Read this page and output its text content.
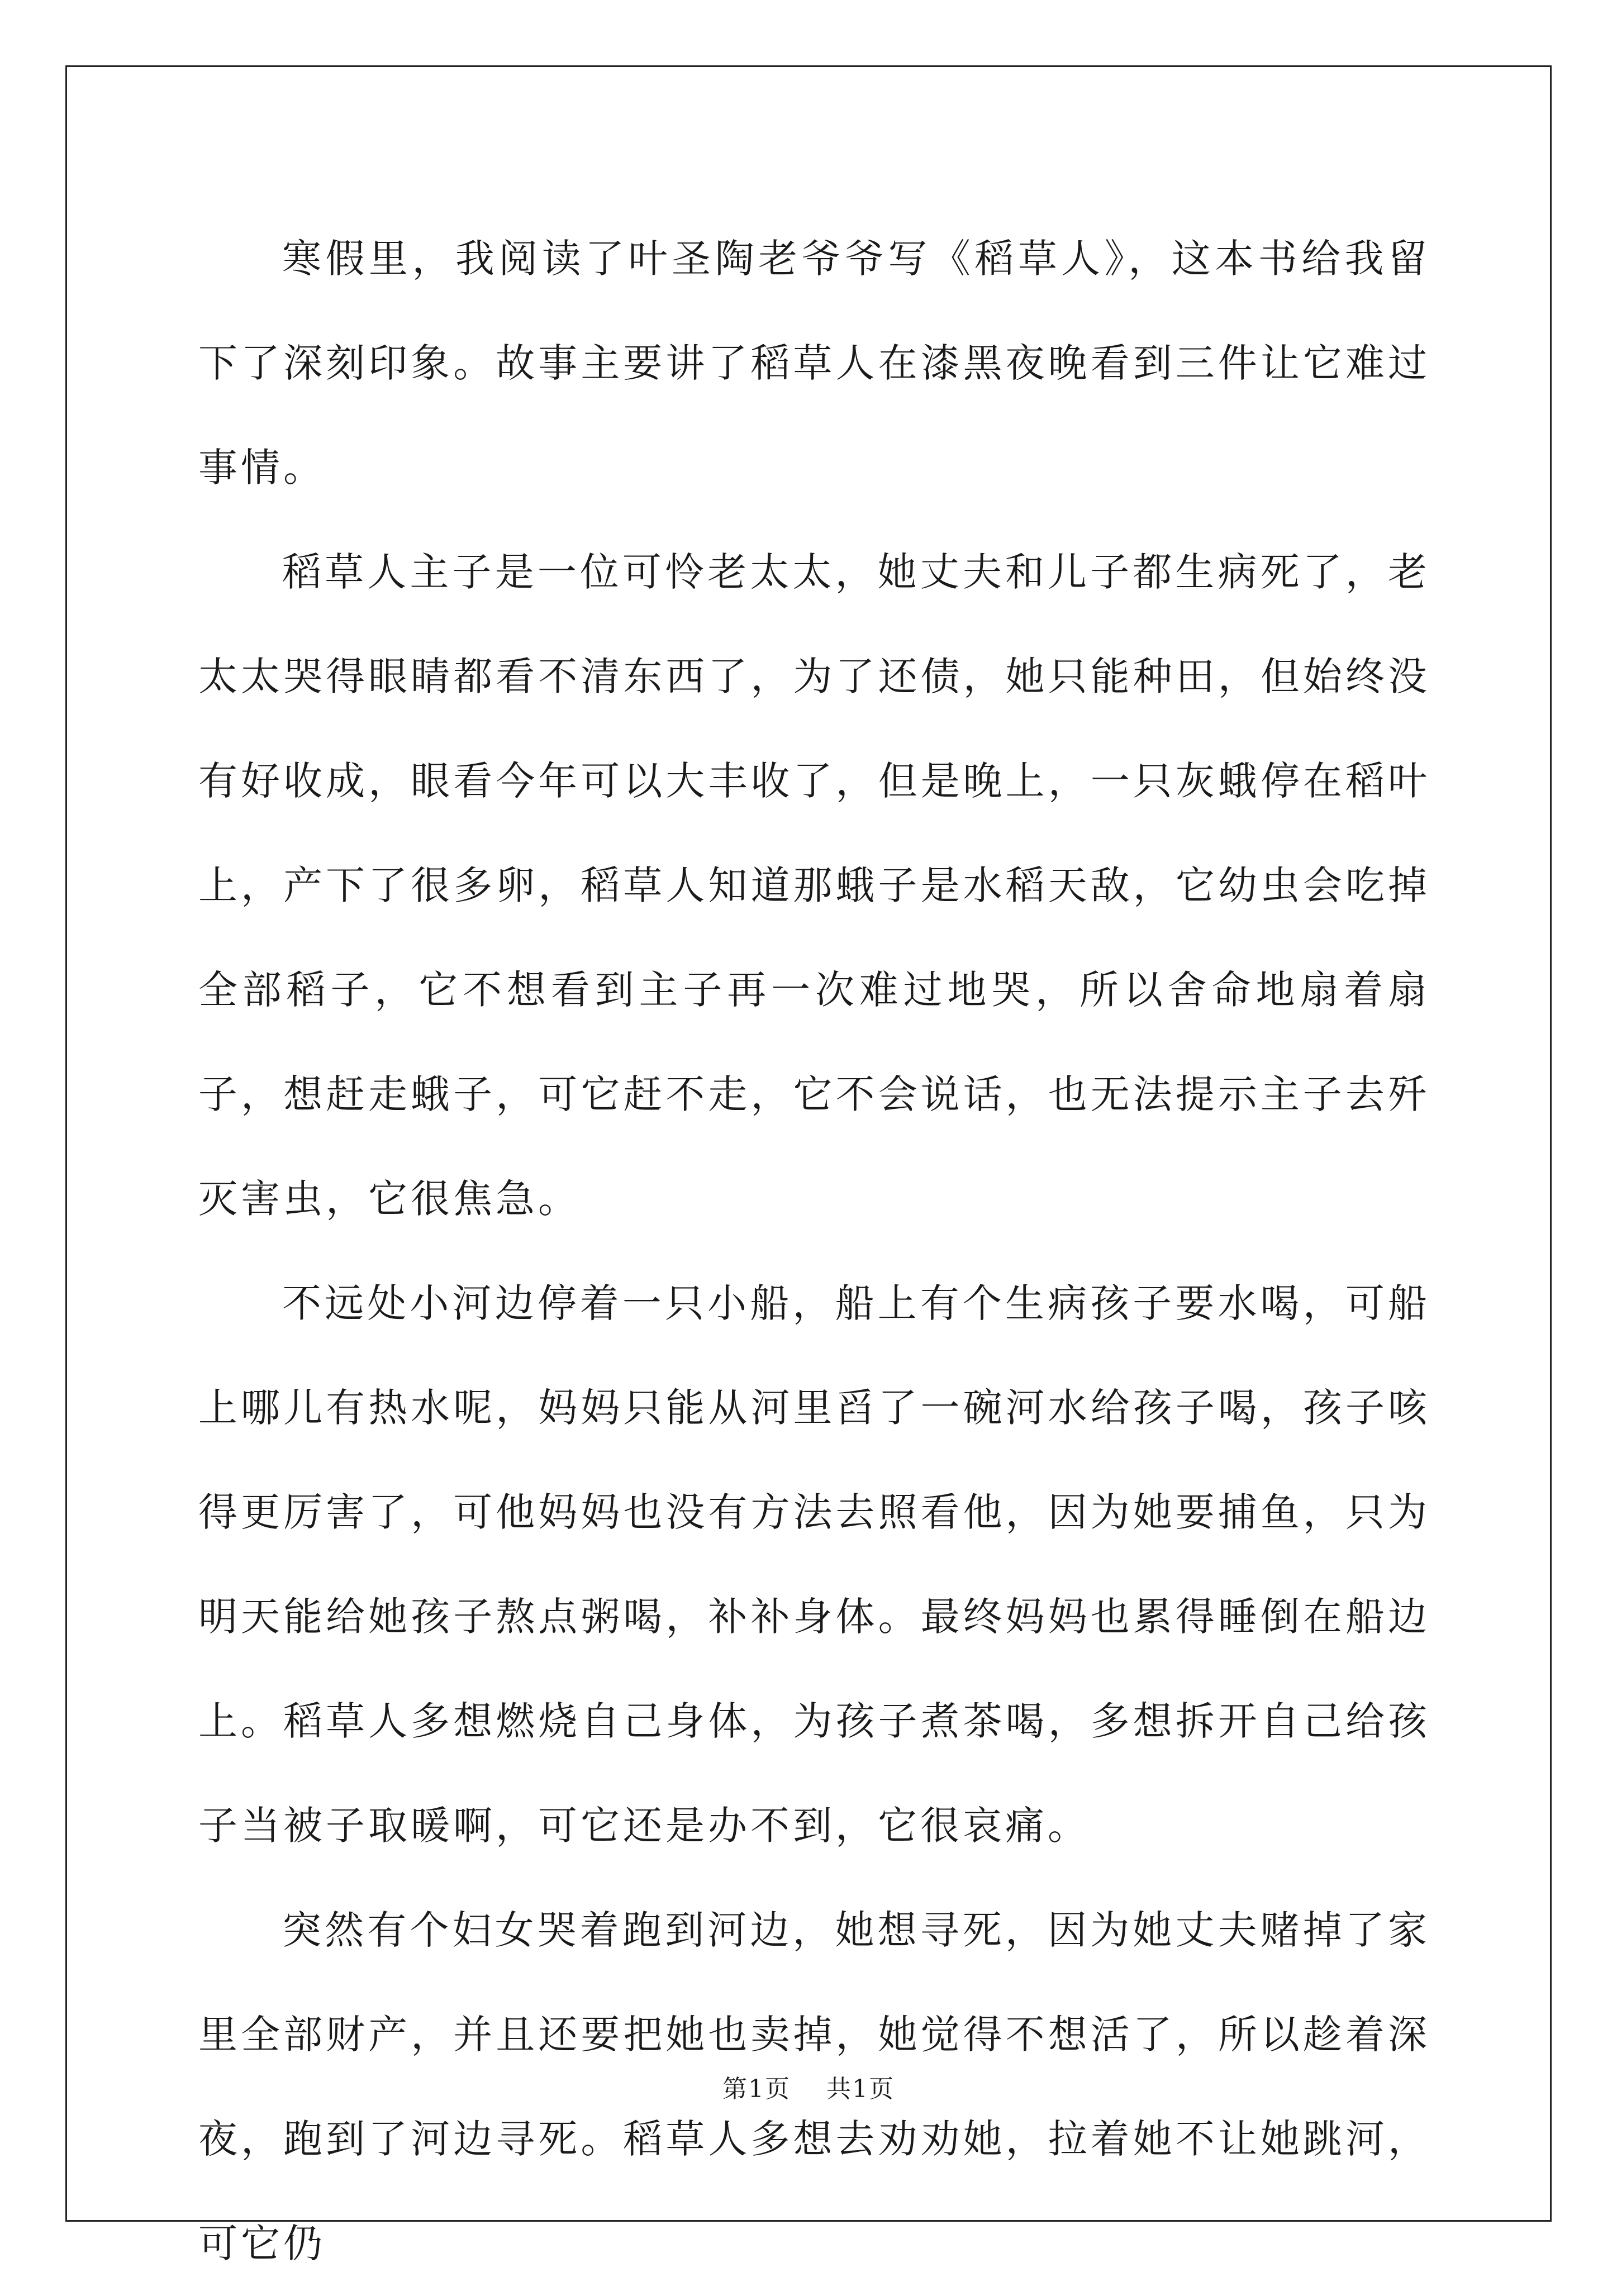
寒假里，我阅读了叶圣陶老爷爷写《稻草人》，这本书给我留下了深刻印象。故事主要讲了稻草人在漆黑夜晚看到三件让它难过事情。

稻草人主子是一位可怜老太太，她丈夫和儿子都生病死了，老太太哭得眼睛都看不清东西了，为了还债，她只能种田，但始终没有好收成，眼看今年可以大丰收了，但是晚上，一只灰蛾停在稻叶上，产下了很多卵，稻草人知道那蛾子是水稻天敌，它幼虫会吃掉全部稻子，它不想看到主子再一次难过地哭，所以舍命地扇着扇子，想赶走蛾子，可它赶不走，它不会说话，也无法提示主子去歼灭害虫，它很焦急。

不远处小河边停着一只小船，船上有个生病孩子要水喝，可船上哪儿有热水呢，妈妈只能从河里舀了一碗河水给孩子喝，孩子咳得更厉害了，可他妈妈也没有方法去照看他，因为她要捕鱼，只为明天能给她孩子熬点粥喝，补补身体。最终妈妈也累得睡倒在船边上。稻草人多想燃烧自己身体，为孩子煮茶喝，多想拆开自己给孩子当被子取暖啊，可它还是办不到，它很哀痛。

突然有个妇女哭着跑到河边，她想寻死，因为她丈夫赌掉了家里全部财产，并且还要把她也卖掉，她觉得不想活了，所以趁着深夜，跑到了河边寻死。稻草人多想去劝劝她，拉着她不让她跳河，可它仍

第1页 共1页
